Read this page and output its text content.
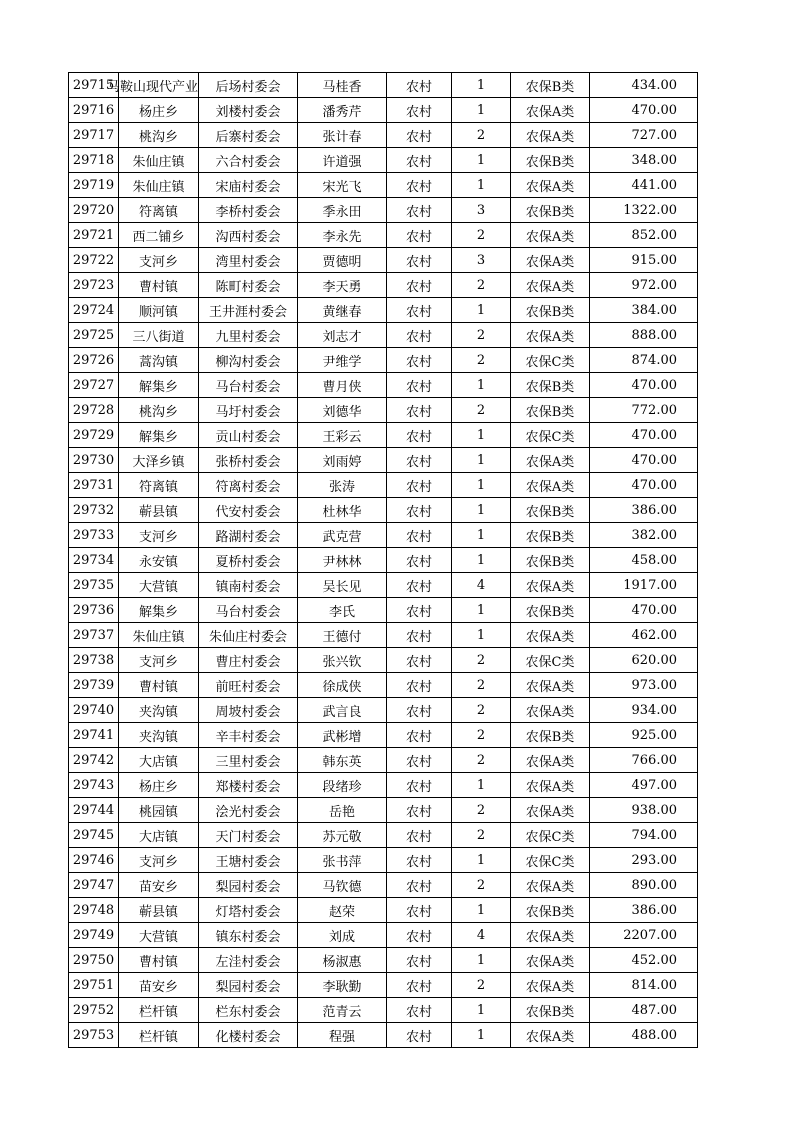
29715	马鞍山现代产业	后场村委会	马桂香	农村	1	农保B类	434.00
29716	杨庄乡	刘楼村委会	潘秀芹	农村	1	农保A类	470.00
29717	桃沟乡	后寨村委会	张计春	农村	2	农保A类	727.00
29718	朱仙庄镇	六合村委会	许道强	农村	1	农保B类	348.00
29719	朱仙庄镇	宋庙村委会	宋光飞	农村	1	农保A类	441.00
29720	符离镇	李桥村委会	季永田	农村	3	农保B类	1322.00
29721	西二铺乡	沟西村委会	李永先	农村	2	农保A类	852.00
29722	支河乡	湾里村委会	贾德明	农村	3	农保A类	915.00
29723	曹村镇	陈町村委会	李天勇	农村	2	农保A类	972.00
29724	顺河镇	王井涯村委会	黄继春	农村	1	农保B类	384.00
29725	三八街道	九里村委会	刘志才	农村	2	农保A类	888.00
29726	蒿沟镇	柳沟村委会	尹维学	农村	2	农保C类	874.00
29727	解集乡	马台村委会	曹月侠	农村	1	农保B类	470.00
29728	桃沟乡	马圩村委会	刘德华	农村	2	农保B类	772.00
29729	解集乡	贡山村委会	王彩云	农村	1	农保C类	470.00
29730	大泽乡镇	张桥村委会	刘雨婷	农村	1	农保A类	470.00
29731	符离镇	符离村委会	张涛	农村	1	农保A类	470.00
29732	蕲县镇	代安村委会	杜林华	农村	1	农保B类	386.00
29733	支河乡	路湖村委会	武克营	农村	1	农保B类	382.00
29734	永安镇	夏桥村委会	尹林林	农村	1	农保B类	458.00
29735	大营镇	镇南村委会	吴长见	农村	4	农保A类	1917.00
29736	解集乡	马台村委会	李氏	农村	1	农保B类	470.00
29737	朱仙庄镇	朱仙庄村委会	王德付	农村	1	农保A类	462.00
29738	支河乡	曹庄村委会	张兴钦	农村	2	农保C类	620.00
29739	曹村镇	前旺村委会	徐成侠	农村	2	农保A类	973.00
29740	夹沟镇	周坡村委会	武言良	农村	2	农保A类	934.00
29741	夹沟镇	辛丰村委会	武彬增	农村	2	农保B类	925.00
29742	大店镇	三里村委会	韩东英	农村	2	农保A类	766.00
29743	杨庄乡	郑楼村委会	段绪珍	农村	1	农保A类	497.00
29744	桃园镇	浍光村委会	岳艳	农村	2	农保A类	938.00
29745	大店镇	天门村委会	苏元敬	农村	2	农保C类	794.00
29746	支河乡	王塘村委会	张书萍	农村	1	农保C类	293.00
29747	苗安乡	梨园村委会	马钦德	农村	2	农保A类	890.00
29748	蕲县镇	灯塔村委会	赵荣	农村	1	农保B类	386.00
29749	大营镇	镇东村委会	刘成	农村	4	农保A类	2207.00
29750	曹村镇	左洼村委会	杨淑惠	农村	1	农保A类	452.00
29751	苗安乡	梨园村委会	李耿勤	农村	2	农保A类	814.00
29752	栏杆镇	栏东村委会	范青云	农村	1	农保B类	487.00
29753	栏杆镇	化楼村委会	程强	农村	1	农保A类	488.00
